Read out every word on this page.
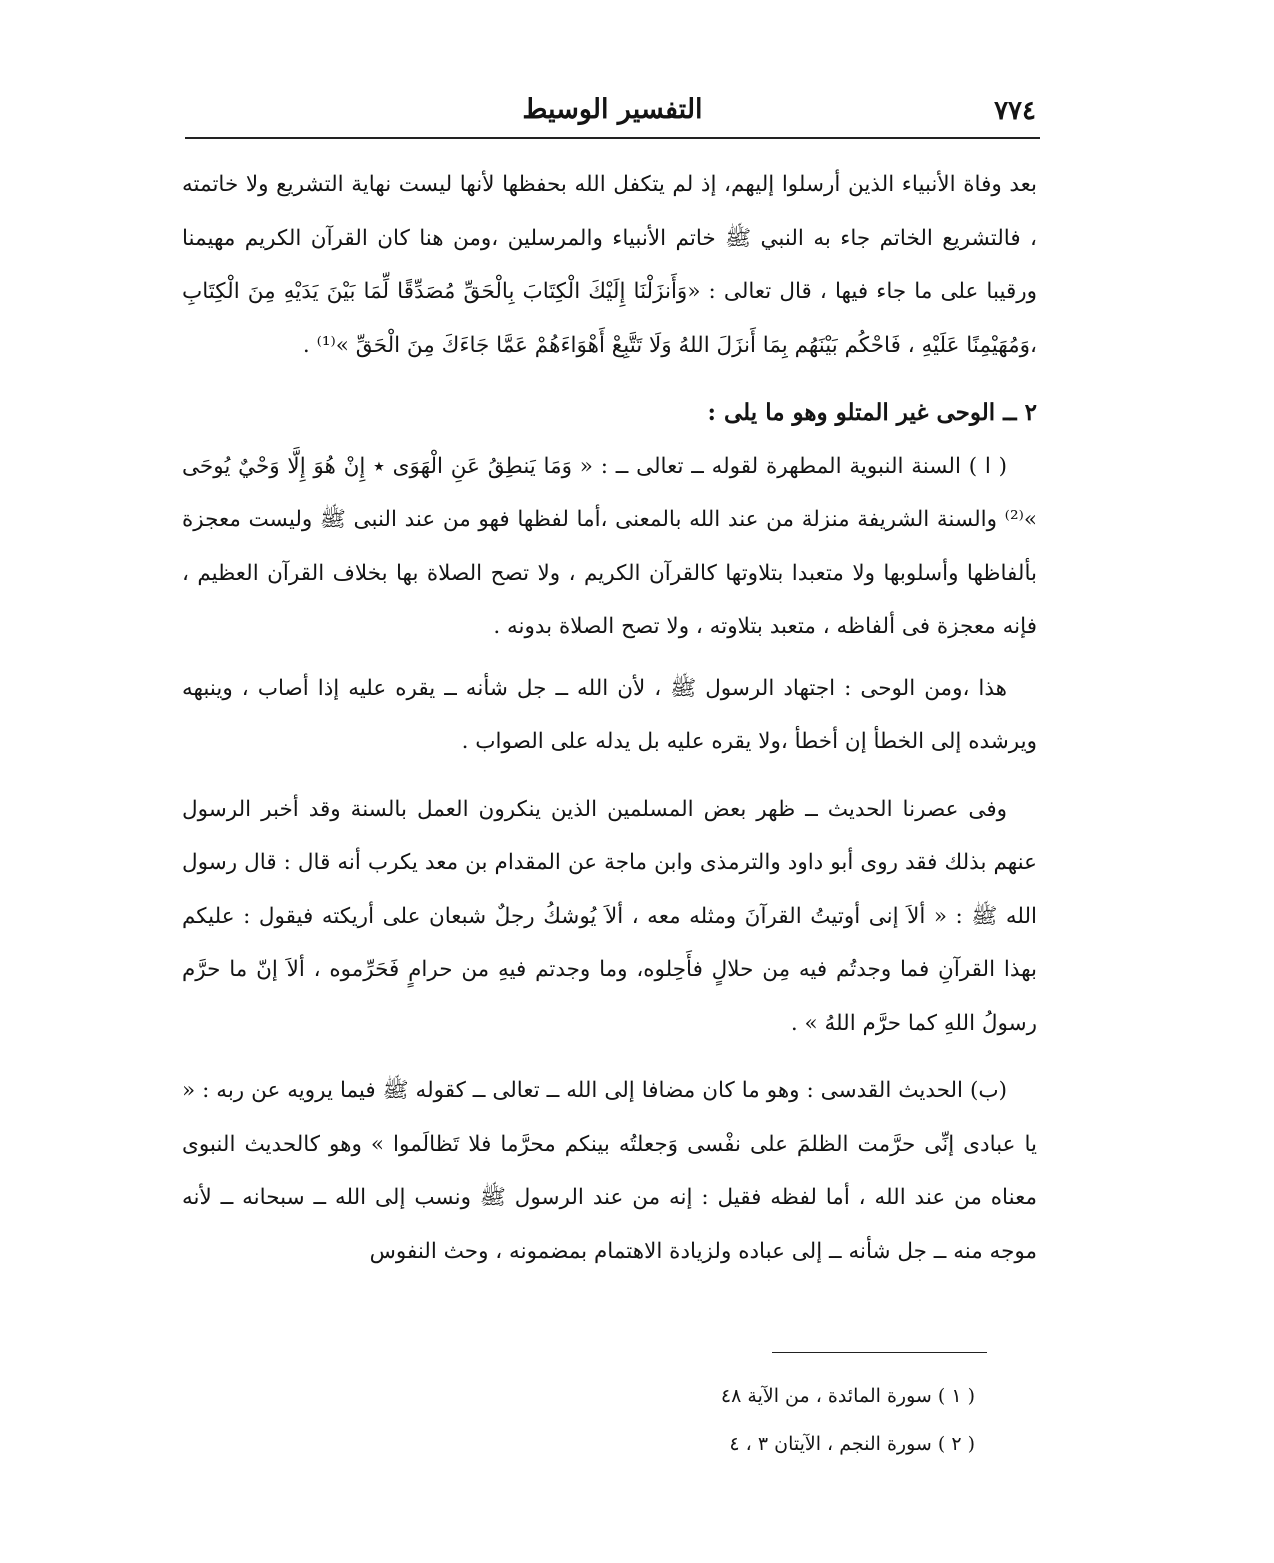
٧٧٤
التفسير الوسيط

بعد وفاة الأنبياء الذين أرسلوا إليهم، إذ لم يتكفل الله بحفظها لأنها ليست نهاية التشريع ولا خاتمته ، فالتشريع الخاتم جاء به النبي ﷺ خاتم الأنبياء والمرسلين ،ومن هنا كان القرآن الكريم مهيمنا ورقيبا على ما جاء فيها ، قال تعالى : «وَأَنزَلْنَا إِلَيْكَ الْكِتَابَ بِالْحَقِّ مُصَدِّقًا لِّمَا بَيْنَ يَدَيْهِ مِنَ الْكِتَابِ ،وَمُهَيْمِنًا عَلَيْهِ ، فَاحْكُم بَيْنَهُم بِمَا أَنزَلَ اللهُ وَلَا تَتَّبِعْ أَهْوَاءَهُمْ عَمَّا جَاءَكَ مِنَ الْحَقِّ »⁽¹⁾ .

٢ ــ الوحى غير المتلو وهو ما يلى :

( ا ) السنة النبوية المطهرة لقوله ــ تعالى ــ : « وَمَا يَنطِقُ عَنِ الْهَوَى ٭ إِنْ هُوَ إِلَّا وَحْيٌ يُوحَى »⁽²⁾ والسنة الشريفة منزلة من عند الله بالمعنى ،أما لفظها فهو من عند النبى ﷺ وليست معجزة بألفاظها وأسلوبها ولا متعبدا بتلاوتها كالقرآن الكريم ، ولا تصح الصلاة بها بخلاف القرآن العظيم ، فإنه معجزة فى ألفاظه ، متعبد بتلاوته ، ولا تصح الصلاة بدونه .

هذا ،ومن الوحى : اجتهاد الرسول ﷺ ، لأن الله ــ جل شأنه ــ يقره عليه إذا أصاب ، وينبهه ويرشده إلى الخطأ إن أخطأ ،ولا يقره عليه بل يدله على الصواب .

وفى عصرنا الحديث ــ ظهر بعض المسلمين الذين ينكرون العمل بالسنة وقد أخبر الرسول عنهم بذلك فقد روى أبو داود والترمذى وابن ماجة عن المقدام بن معد يكرب أنه قال : قال رسول الله ﷺ : « ألاَ إنى أوتيتُ القرآنَ ومثله معه ، ألاَ يُوشكُ رجلٌ شبعان على أريكته فيقول : عليكم بهذا القرآنِ فما وجدتُم فيه مِن حلالٍ فأَحِلوه، وما وجدتم فيهِ من حرامٍ فَحَرِّموه ، ألاَ إنّ ما حرَّم رسولُ اللهِ كما حرَّم اللهُ » .

(ب) الحديث القدسى : وهو ما كان مضافا إلى الله ــ تعالى ــ كقوله ﷺ فيما يرويه عن ربه : « يا عبادى إنِّى حرَّمت الظلمَ على نفْسى وَجعلتُه بينكم محرَّما فلا تَظالَموا » وهو كالحديث النبوى معناه من عند الله ، أما لفظه فقيل : إنه من عند الرسول ﷺ ونسب إلى الله ــ سبحانه ــ لأنه موجه منه ــ جل شأنه ــ إلى عباده ولزيادة الاهتمام بمضمونه ، وحث النفوس

( ١ ) سورة المائدة ، من الآية ٤٨

( ٢ ) سورة النجم ، الآيتان ٣ ، ٤
